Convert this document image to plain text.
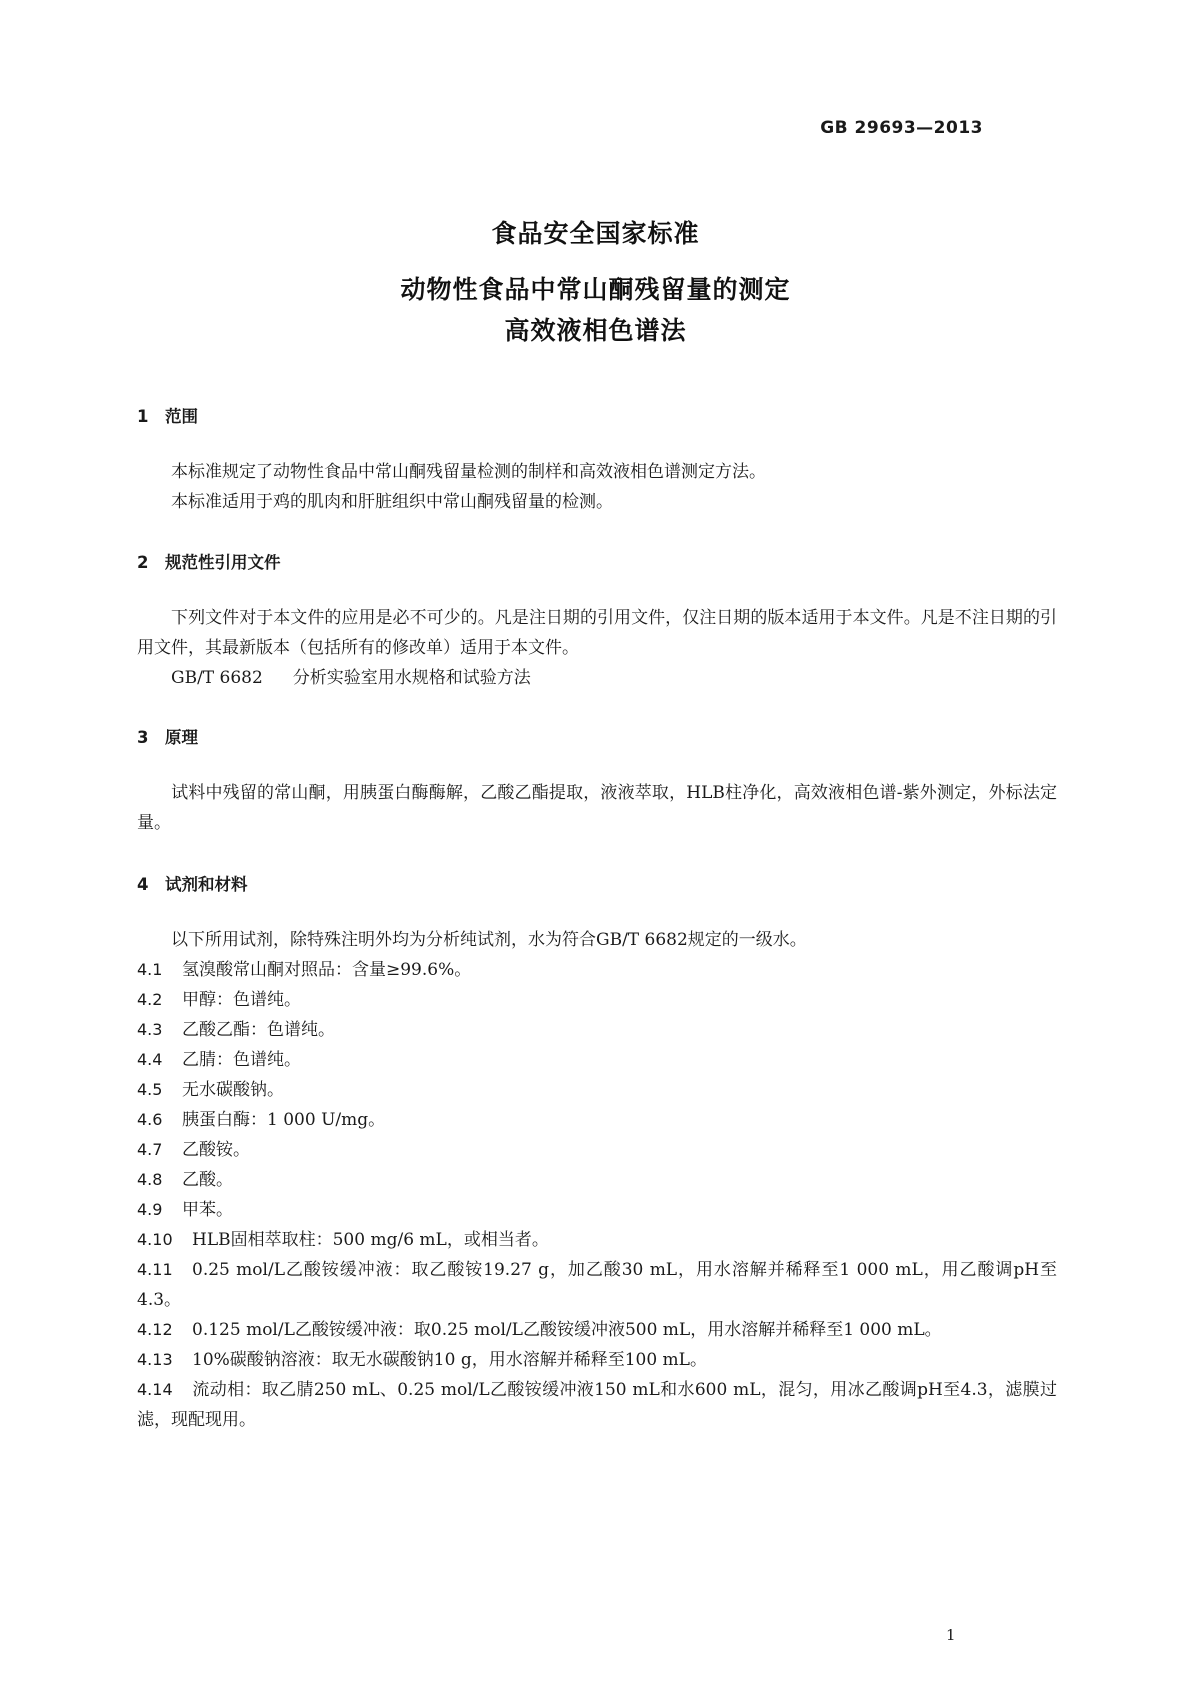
GB 29693—2013
食品安全国家标准
动物性食品中常山酮残留量的测定
高效液相色谱法
1 范围
本标准规定了动物性食品中常山酮残留量检测的制样和高效液相色谱测定方法。
本标准适用于鸡的肌肉和肝脏组织中常山酮残留量的检测。
2 规范性引用文件
下列文件对于本文件的应用是必不可少的。凡是注日期的引用文件，仅注日期的版本适用于本文件。凡是不注日期的引用文件，其最新版本（包括所有的修改单）适用于本文件。
GB/T 6682 分析实验室用水规格和试验方法
3 原理
试料中残留的常山酮，用胰蛋白酶酶解，乙酸乙酯提取，液液萃取，HLB柱净化，高效液相色谱-紫外测定，外标法定量。
4 试剂和材料
以下所用试剂，除特殊注明外均为分析纯试剂，水为符合GB/T 6682规定的一级水。
4.1 氢溴酸常山酮对照品：含量≥99.6%。
4.2 甲醇：色谱纯。
4.3 乙酸乙酯：色谱纯。
4.4 乙腈：色谱纯。
4.5 无水碳酸钠。
4.6 胰蛋白酶：1 000 U/mg。
4.7 乙酸铵。
4.8 乙酸。
4.9 甲苯。
4.10 HLB固相萃取柱：500 mg/6 mL，或相当者。
4.11 0.25 mol/L乙酸铵缓冲液：取乙酸铵19.27 g，加乙酸30 mL，用水溶解并稀释至1 000 mL，用乙酸调pH至4.3。
4.12 0.125 mol/L乙酸铵缓冲液：取0.25 mol/L乙酸铵缓冲液500 mL，用水溶解并稀释至1 000 mL。
4.13 10%碳酸钠溶液：取无水碳酸钠10 g，用水溶解并稀释至100 mL。
4.14 流动相：取乙腈250 mL、0.25 mol/L乙酸铵缓冲液150 mL和水600 mL，混匀，用冰乙酸调pH至4.3，滤膜过滤，现配现用。
1
